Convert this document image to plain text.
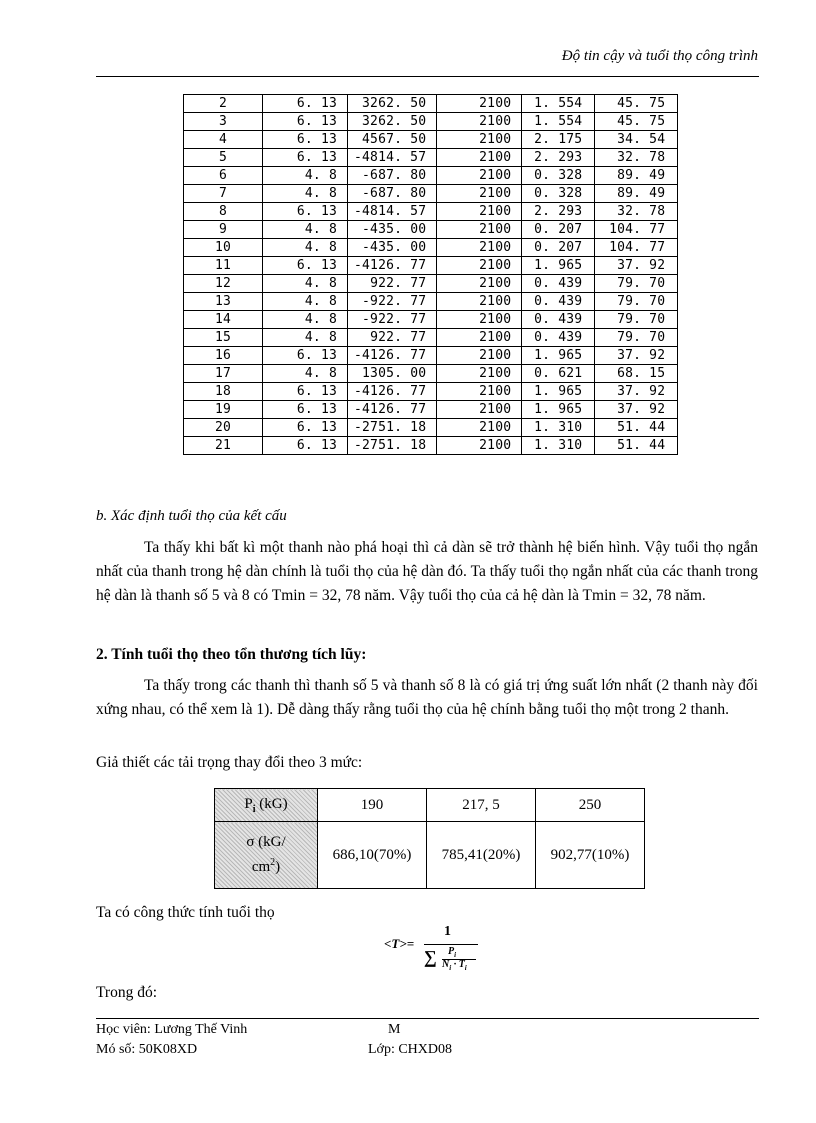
Độ tin cậy và tuổi thọ công trình
2	6. 13	3262. 50	2100	1. 554	45. 75
3	6. 13	3262. 50	2100	1. 554	45. 75
4	6. 13	4567. 50	2100	2. 175	34. 54
5	6. 13	-4814. 57	2100	2. 293	32. 78
6	4. 8	-687. 80	2100	0. 328	89. 49
7	4. 8	-687. 80	2100	0. 328	89. 49
8	6. 13	-4814. 57	2100	2. 293	32. 78
9	4. 8	-435. 00	2100	0. 207	104. 77
10	4. 8	-435. 00	2100	0. 207	104. 77
11	6. 13	-4126. 77	2100	1. 965	37. 92
12	4. 8	922. 77	2100	0. 439	79. 70
13	4. 8	-922. 77	2100	0. 439	79. 70
14	4. 8	-922. 77	2100	0. 439	79. 70
15	4. 8	922. 77	2100	0. 439	79. 70
16	6. 13	-4126. 77	2100	1. 965	37. 92
17	4. 8	1305. 00	2100	0. 621	68. 15
18	6. 13	-4126. 77	2100	1. 965	37. 92
19	6. 13	-4126. 77	2100	1. 965	37. 92
20	6. 13	-2751. 18	2100	1. 310	51. 44
21	6. 13	-2751. 18	2100	1. 310	51. 44
b. Xác định tuổi thọ của kết cấu
Ta thấy khi bất kì một thanh nào phá hoại thì cả dàn sẽ trở thành hệ biến hình. Vậy tuổi thọ ngắn nhất của thanh trong hệ dàn chính là tuổi thọ của hệ dàn đó. Ta thấy tuổi thọ ngắn nhất của các thanh trong hệ dàn là thanh số 5 và 8 có Tmin = 32, 78 năm. Vậy tuổi thọ của cả hệ dàn là Tmin = 32, 78 năm.
2. Tính tuổi thọ theo tổn thương tích lũy:
Ta thấy trong các thanh thì thanh số 5 và thanh số 8 là có giá trị ứng suất lớn nhất (2 thanh này đối xứng nhau, có thể xem là 1). Dễ dàng thấy rằng tuổi thọ của hệ chính bằng tuổi thọ một trong 2 thanh.
Giả thiết các tải trọng thay đổi theo 3 mức:
$P_i$ (kG)	190	217, 5	250

σ (kG/
$cm^2$)	686,10(70%)	785,41(20%)	902,77(10%)
Ta có công thức tính tuổi thọ
<T>=
1
∑ $P_i$
$N_i \cdot T_i$
Trong đó:
Học viên: Lương Thế Vinh	M
Mó số: 50K08XD	Lớp: CHXD08
